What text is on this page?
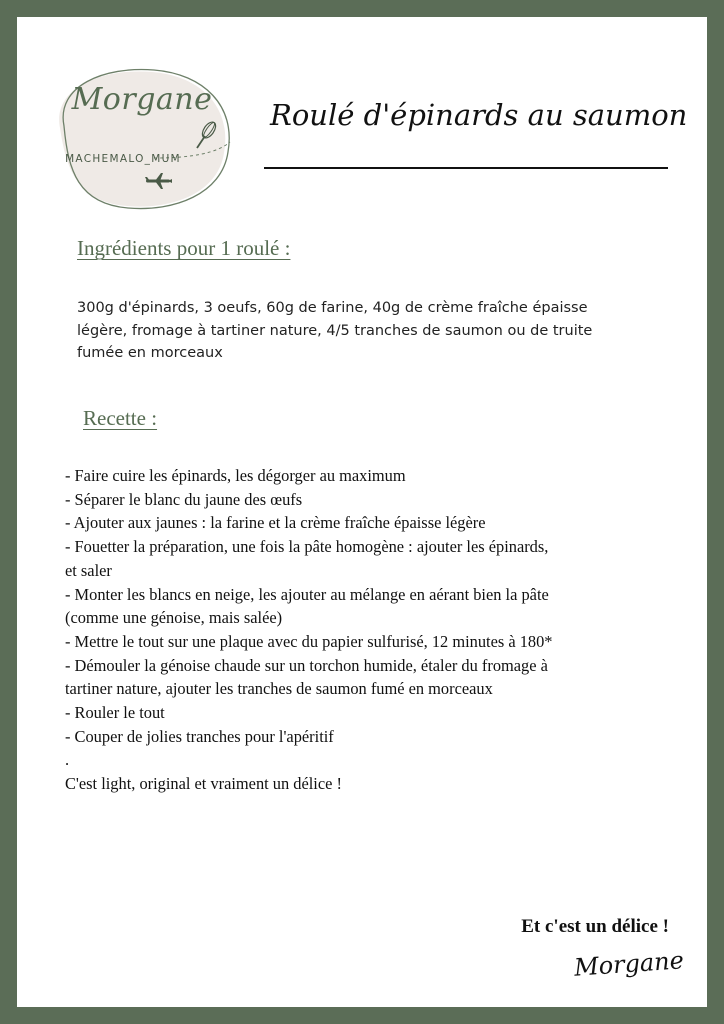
Morgane
MACHEMALO_MUM
Roulé d'épinards au saumon
Ingrédients pour 1 roulé :
300g d'épinards, 3 oeufs, 60g de farine, 40g de crème fraîche épaisse
légère, fromage à tartiner nature, 4/5 tranches de saumon ou de truite
fumée en morceaux
Recette :
- Faire cuire les épinards, les dégorger au maximum
- Séparer le blanc du jaune des œufs
- Ajouter aux jaunes : la farine et la crème fraîche épaisse légère
- Fouetter la préparation, une fois la pâte homogène : ajouter les épinards,
et saler
- Monter les blancs en neige, les ajouter au mélange en aérant bien la pâte
(comme une génoise, mais salée)
- Mettre le tout sur une plaque avec du papier sulfurisé, 12 minutes à 180*
- Démouler la génoise chaude sur un torchon humide, étaler du fromage à
tartiner nature, ajouter les tranches de saumon fumé en morceaux
- Rouler le tout
- Couper de jolies tranches pour l'apéritif
.
C'est light, original et vraiment un délice !
Et c'est un délice !
Morgane
